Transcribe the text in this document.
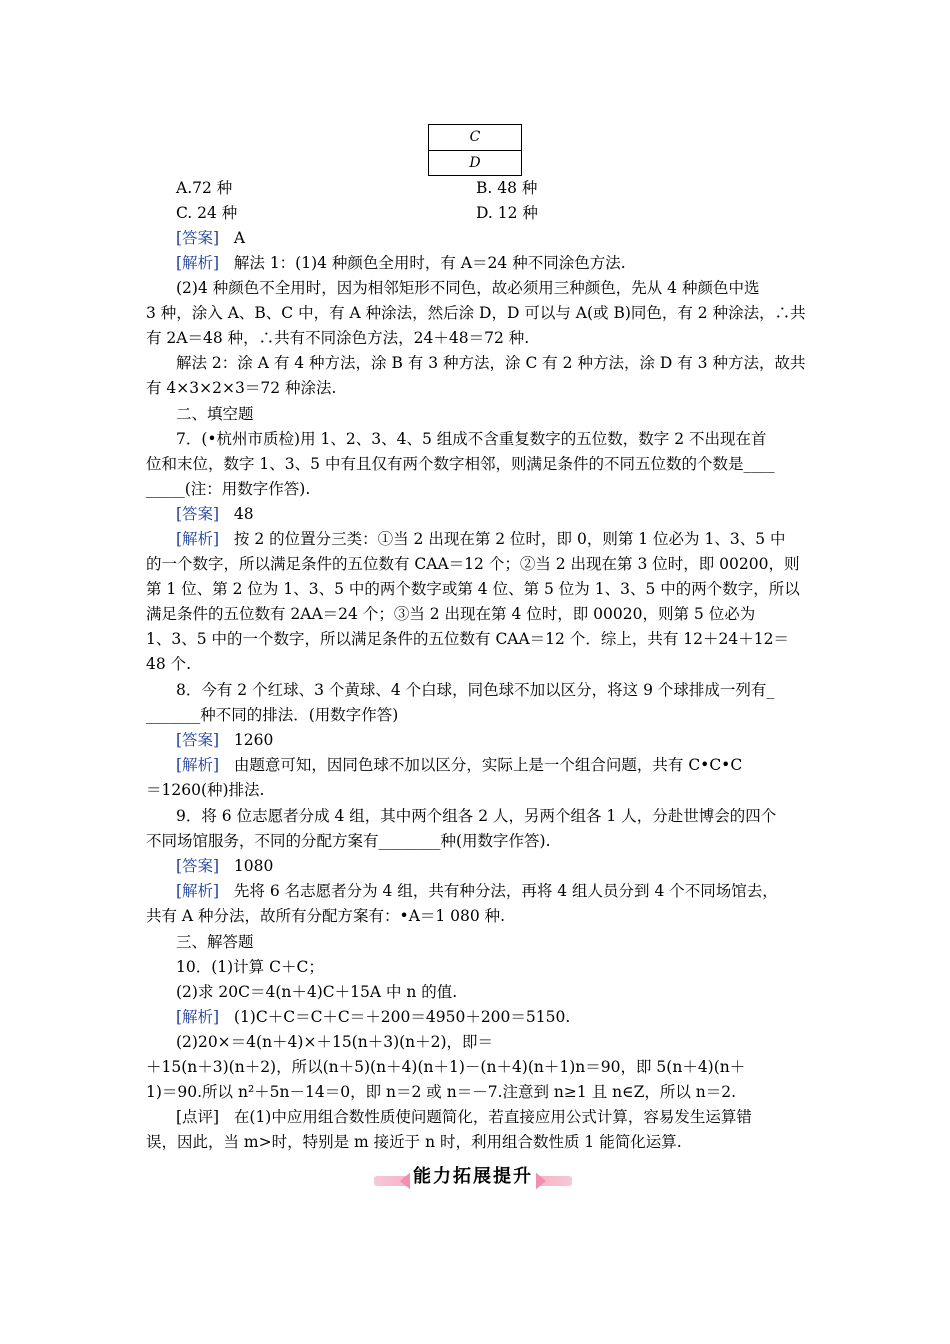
C
D
A.72 种	B. 48 种
C. 24 种	D. 12 种
[答案] A
[解析] 解法 1：(1)4 种颜色全用时，有 A＝24 种不同涂色方法.
(2)4 种颜色不全用时，因为相邻矩形不同色，故必须用三种颜色，先从 4 种颜色中选
3 种，涂入 A、B、C 中，有 A 种涂法，然后涂 D，D 可以与 A(或 B)同色，有 2 种涂法，∴共
有 2A＝48 种，∴共有不同涂色方法，24＋48＝72 种.
解法 2：涂 A 有 4 种方法，涂 B 有 3 种方法，涂 C 有 2 种方法，涂 D 有 3 种方法，故共
有 4×3×2×3＝72 种涂法.
二、填空题
7．(•杭州市质检)用 1、2、3、4、5 组成不含重复数字的五位数，数字 2 不出现在首
位和末位，数字 1、3、5 中有且仅有两个数字相邻，则满足条件的不同五位数的个数是____
_____(注：用数字作答).
[答案] 48
[解析] 按 2 的位置分三类：①当 2 出现在第 2 位时，即 0，则第 1 位必为 1、3、5 中
的一个数字，所以满足条件的五位数有 CAA＝12 个；②当 2 出现在第 3 位时，即 00200，则
第 1 位、第 2 位为 1、3、5 中的两个数字或第 4 位、第 5 位为 1、3、5 中的两个数字，所以
满足条件的五位数有 2AA＝24 个；③当 2 出现在第 4 位时，即 00020，则第 5 位必为
1、3、5 中的一个数字，所以满足条件的五位数有 CAA＝12 个．综上，共有 12＋24＋12＝
48 个.
8．今有 2 个红球、3 个黄球、4 个白球，同色球不加以区分，将这 9 个球排成一列有_
_______种不同的排法．(用数字作答)
[答案] 1260
[解析] 由题意可知，因同色球不加以区分，实际上是一个组合问题，共有 C•C•C
＝1260(种)排法.
9．将 6 位志愿者分成 4 组，其中两个组各 2 人，另两个组各 1 人，分赴世博会的四个
不同场馆服务，不同的分配方案有________种(用数字作答).
[答案] 1080
[解析] 先将 6 名志愿者分为 4 组，共有种分法，再将 4 组人员分到 4 个不同场馆去，
共有 A 种分法，故所有分配方案有：•A＝1 080 种.
三、解答题
10．(1)计算 C＋C；
(2)求 20C＝4(n＋4)C＋15A 中 n 的值.
[解析] (1)C＋C＝C＋C＝＋200＝4950＋200＝5150.
(2)20×＝4(n＋4)×＋15(n＋3)(n＋2)，即＝
＋15(n＋3)(n＋2)，所以(n＋5)(n＋4)(n＋1)－(n＋4)(n＋1)n＝90，即 5(n＋4)(n＋
1)＝90.所以 n²＋5n－14＝0，即 n＝2 或 n＝－7.注意到 n≥1 且 n∈Z，所以 n＝2.
[点评] 在(1)中应用组合数性质使问题简化，若直接应用公式计算，容易发生运算错
误，因此，当 m>时，特别是 m 接近于 n 时，利用组合数性质 1 能简化运算.
能力拓展提升
